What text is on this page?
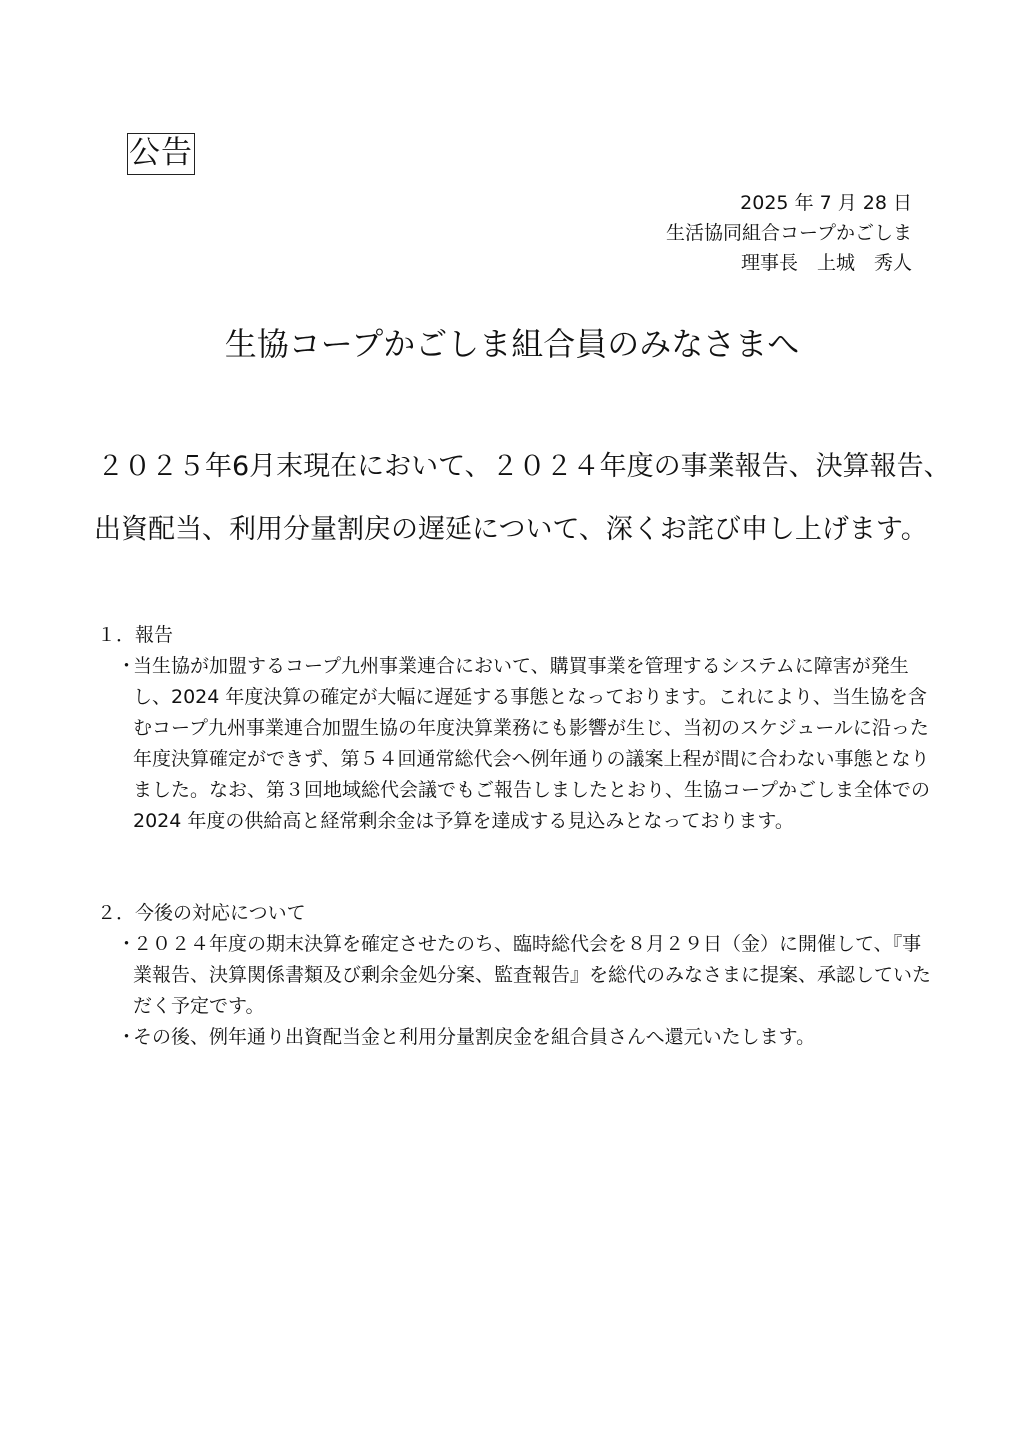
公告
2025 年 7 月 28 日
生活協同組合コープかごしま
理事長　上城　秀人
生協コープかごしま組合員のみなさまへ
２０２５年6月末現在において、２０２４年度の事業報告、決算報告、
出資配当、利用分量割戻の遅延について、深くお詫び申し上げます。
１．報告
・
当生協が加盟するコープ九州事業連合において、購買事業を管理するシステムに障害が発生し、2024 年度決算の確定が大幅に遅延する事態となっております。これにより、当生協を含むコープ九州事業連合加盟生協の年度決算業務にも影響が生じ、当初のスケジュールに沿った年度決算確定ができず、第５４回通常総代会へ例年通りの議案上程が間に合わない事態となりました。なお、第３回地域総代会議でもご報告しましたとおり、生協コープかごしま全体での 2024 年度の供給高と経常剰余金は予算を達成する見込みとなっております。
２．今後の対応について
・
２０２４年度の期末決算を確定させたのち、臨時総代会を８月２９日（金）に開催して、『事業報告、決算関係書類及び剰余金処分案、監査報告』を総代のみなさまに提案、承認していただく予定です。
・
その後、例年通り出資配当金と利用分量割戻金を組合員さんへ還元いたします。
